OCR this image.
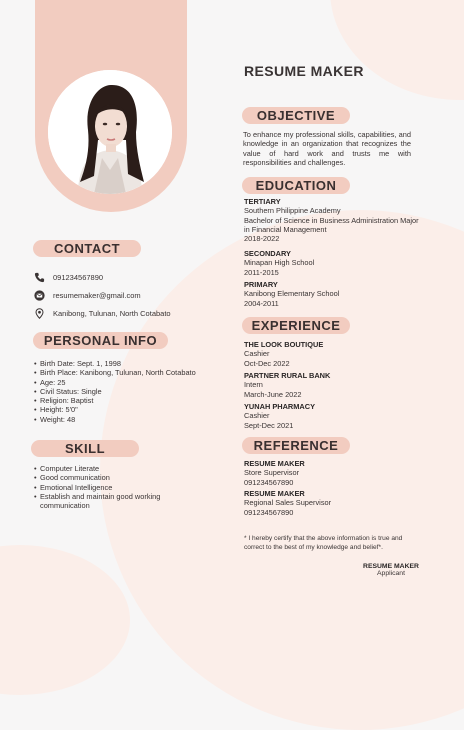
RESUME MAKER
OBJECTIVE
EDUCATION
EXPERIENCE
REFERENCE
CONTACT
PERSONAL INFO
SKILL
To enhance my professional skills, capabilities, and knowledge in an organization that recognizes the value of hard work and trusts me with responsibilities and challenges.
TERTIARY
Southern Philippine Academy
Bachelor of Science in Business Administration Major
in Financial Management
2018-2022
SECONDARY
Minapan High School
2011-2015
PRIMARY
Kanibong Elementary School
2004-2011
THE LOOK BOUTIQUE
Cashier
Oct-Dec 2022
PARTNER RURAL BANK
Intern
March-June 2022
YUNAH PHARMACY
Cashier
Sept-Dec 2021
RESUME MAKER
Store Supervisor
091234567890
RESUME MAKER
Regional Sales Supervisor
091234567890
* I hereby certify that the above information is true and correct to the best of my knowledge and belief*.
RESUME MAKER
Applicant
091234567890
resumemaker@gmail.com
Kanibong, Tulunan, North Cotabato
• Birth Date: Sept. 1, 1998
• Birth Place: Kanibong, Tulunan, North Cotabato
• Age: 25
• Civil Status: Single
• Religion: Baptist
• Height: 5'0"
• Weight: 48
• Computer Literate
• Good communication
• Emotional Intelligence
• Establish and maintain good working communication
